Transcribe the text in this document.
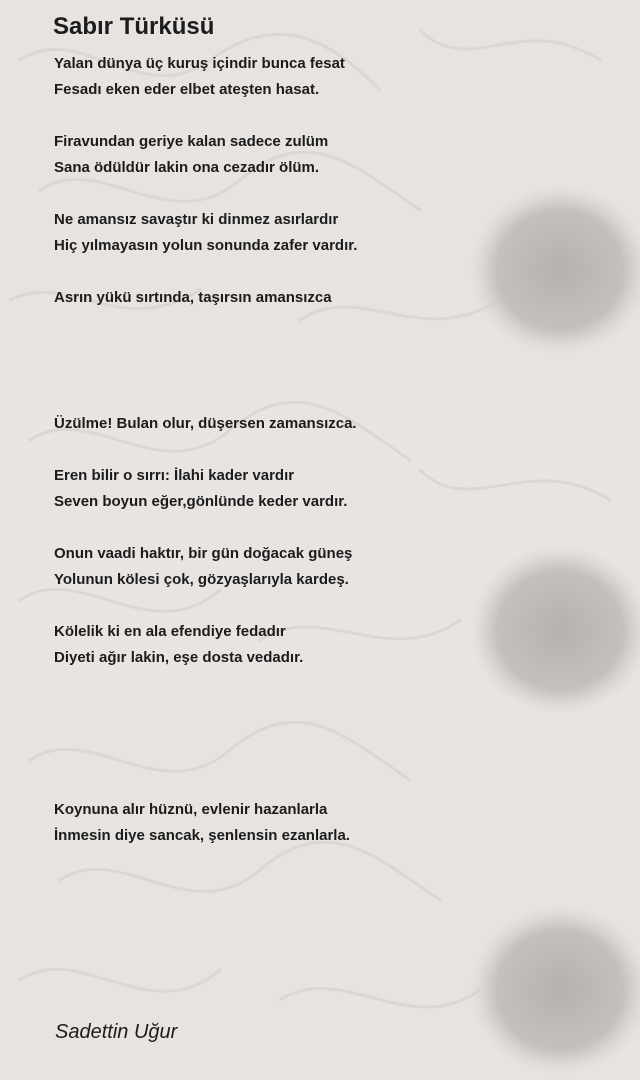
Sabır Türküsü

Yalan dünya üç kuruş içindir bunca fesat

Fesadı eken eder elbet ateşten hasat.

Firavundan geriye kalan sadece zulüm

Sana ödüldür lakin ona cezadır ölüm.

Ne amansız savaştır ki dinmez asırlardır

Hiç yılmayasın yolun sonunda zafer vardır.

Asrın yükü sırtında, taşırsın amansızca

Üzülme! Bulan olur, düşersen zamansızca.

Eren bilir o sırrı: İlahi kader vardır

Seven boyun eğer,gönlünde keder vardır.

Onun vaadi haktır, bir gün doğacak güneş

Yolunun kölesi çok, gözyaşlarıyla kardeş.

Kölelik ki en ala efendiye fedadır

Diyeti ağır lakin, eşe dosta vedadır.

Koynuna alır hüznü, evlenir hazanlarla

İnmesin diye sancak, şenlensin ezanlarla.

Sadettin Uğur
